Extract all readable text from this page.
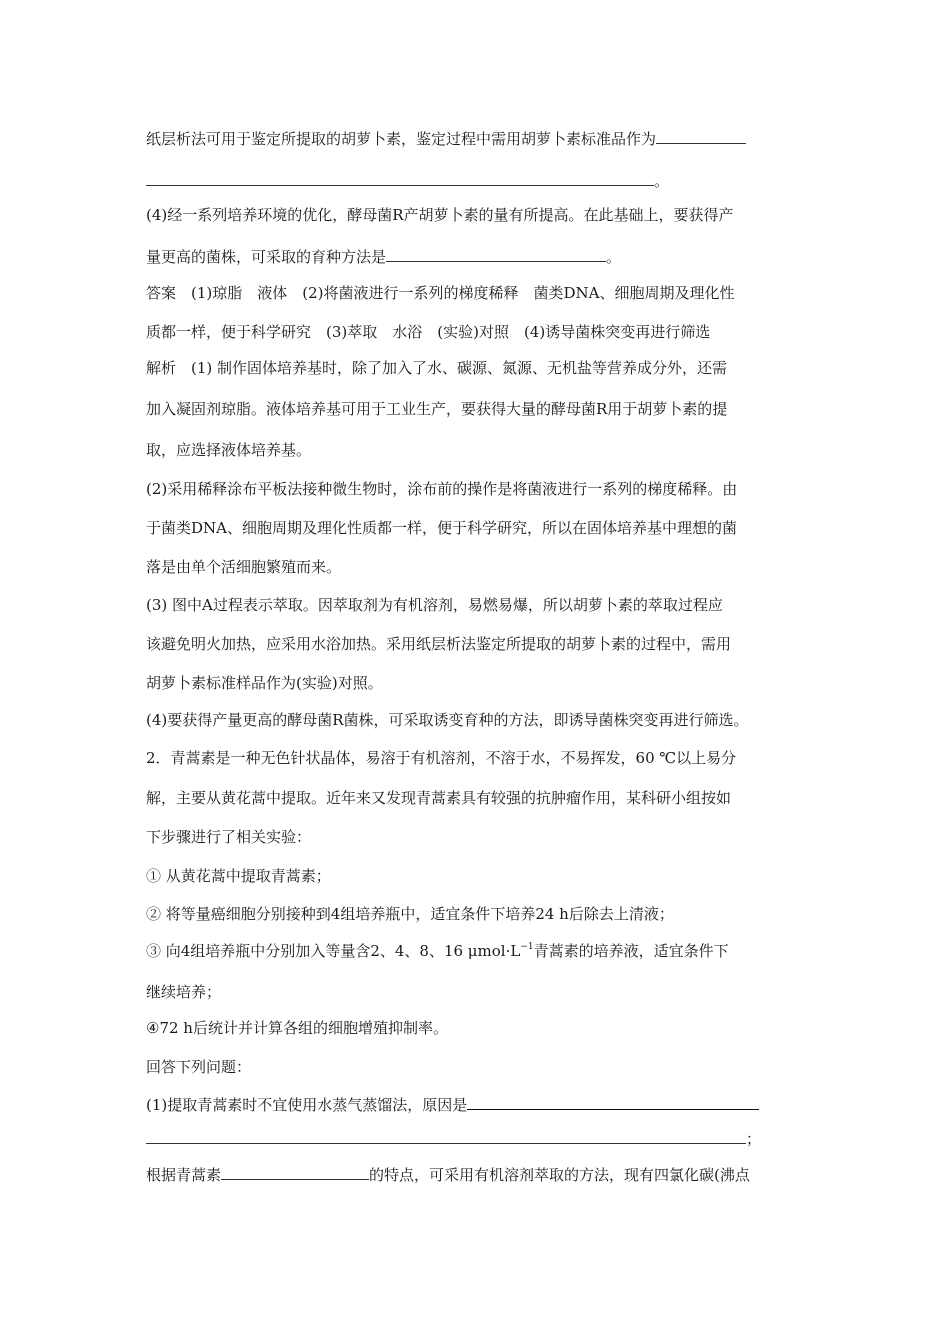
纸层析法可用于鉴定所提取的胡萝卜素，鉴定过程中需用胡萝卜素标准品作为
。
(4)经一系列培养环境的优化，酵母菌R产胡萝卜素的量有所提高。在此基础上，要获得产
量更高的菌株，可采取的育种方法是	。
答案　(1)琼脂　液体　(2)将菌液进行一系列的梯度稀释　菌类DNA、细胞周期及理化性
质都一样，便于科学研究　(3)萃取　水浴　(实验)对照　(4)诱导菌株突变再进行筛选
解析　(1) 制作固体培养基时，除了加入了水、碳源、氮源、无机盐等营养成分外，还需
加入凝固剂琼脂。液体培养基可用于工业生产，要获得大量的酵母菌R用于胡萝卜素的提
取，应选择液体培养基。
(2)采用稀释涂布平板法接种微生物时，涂布前的操作是将菌液进行一系列的梯度稀释。由
于菌类DNA、细胞周期及理化性质都一样，便于科学研究，所以在固体培养基中理想的菌
落是由单个活细胞繁殖而来。
(3) 图中A过程表示萃取。因萃取剂为有机溶剂，易燃易爆，所以胡萝卜素的萃取过程应
该避免明火加热，应采用水浴加热。采用纸层析法鉴定所提取的胡萝卜素的过程中，需用
胡萝卜素标准样品作为(实验)对照。
(4)要获得产量更高的酵母菌R菌株，可采取诱变育种的方法，即诱导菌株突变再进行筛选。
2．青蒿素是一种无色针状晶体，易溶于有机溶剂，不溶于水，不易挥发，60 ℃以上易分
解，主要从黄花蒿中提取。近年来又发现青蒿素具有较强的抗肿瘤作用，某科研小组按如
下步骤进行了相关实验：
① 从黄花蒿中提取青蒿素；
② 将等量癌细胞分别接种到4组培养瓶中，适宜条件下培养24 h后除去上清液；
③ 向4组培养瓶中分别加入等量含2、4、8、16 $\mu mol\cdot L^{-1}$青蒿素的培养液，适宜条件下
继续培养；
④72 h后统计并计算各组的细胞增殖抑制率。
回答下列问题：
(1)提取青蒿素时不宜使用水蒸气蒸馏法，原因是
；
根据青蒿素	的特点，可采用有机溶剂萃取的方法，现有四氯化碳(沸点
